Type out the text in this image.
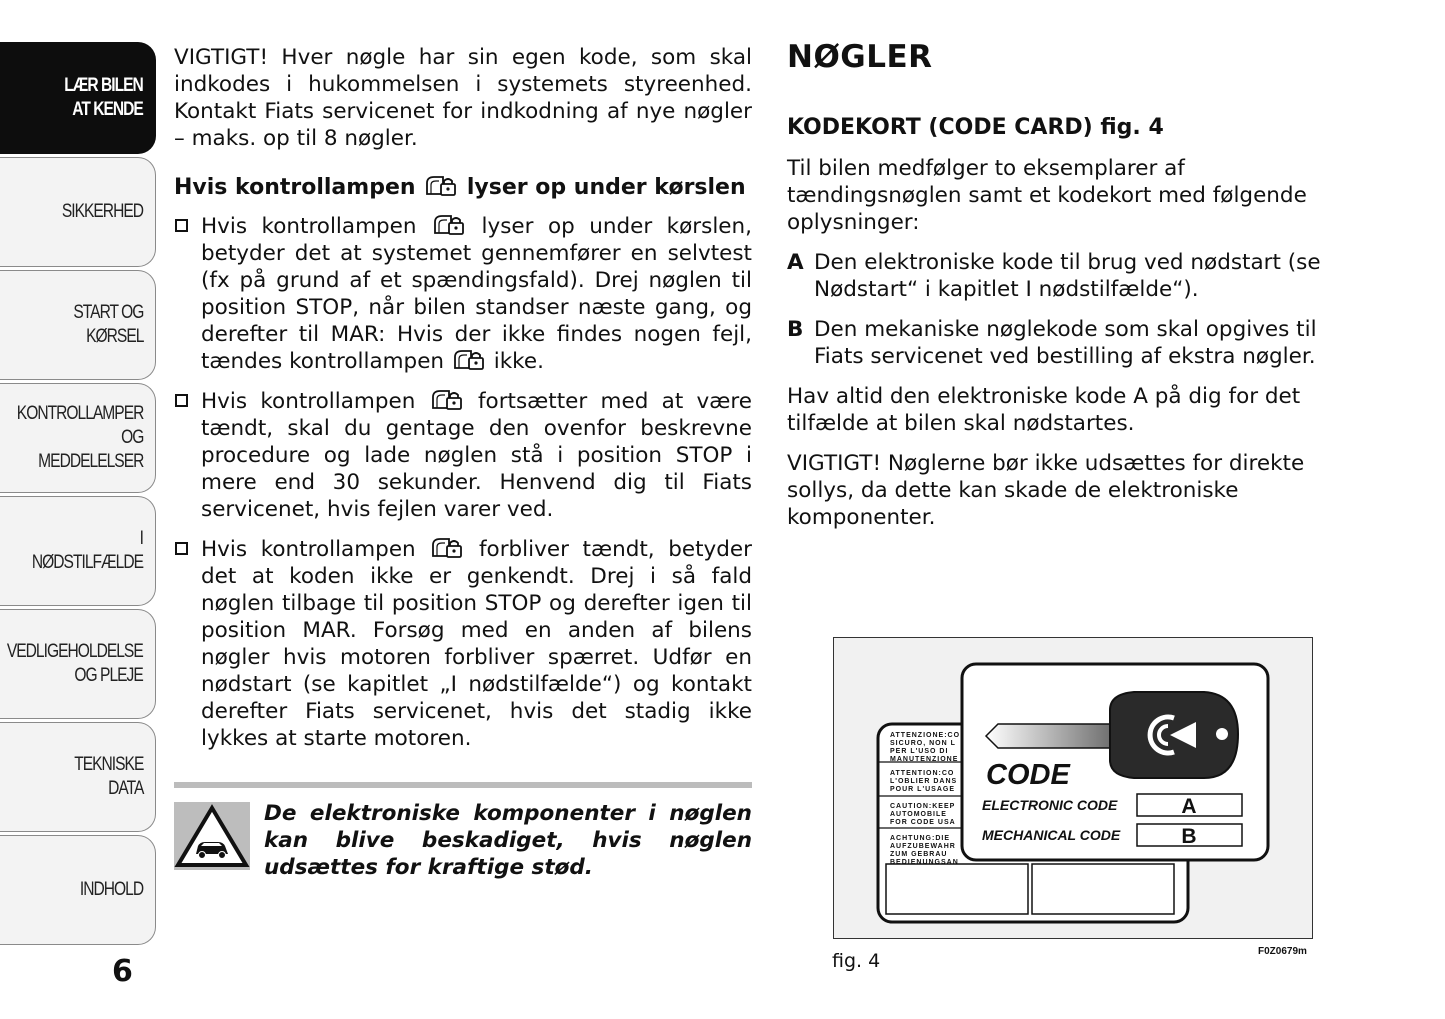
LÆR BILEN
AT KENDE
SIKKERHED
START OG
KØRSEL
KONTROLLAMPER
OG MEDDELELSER
I NØDSTILFÆLDE
VEDLIGEHOLDELSE
OG PLEJE
TEKNISKE
DATA
INDHOLD
6

VIGTIGT! Hver nøgle har sin egen kode, som skal indkodes i hukommelsen i systemets styreenhed. Kontakt Fiats servicenet for indkodning af nye nøgler – maks. op til 8 nøgler.

Hvis kontrollampen lyser op under kørslen
Hvis kontrollampen	lyser op under kørslen, betyder det at systemet gennemfører en selvtest (fx på grund af et spændingsfald). Drej nøglen til position STOP, når bilen standser næste gang, og derefter til MAR: Hvis der ikke findes nogen fejl, tændes kontrollampen ikke.
Hvis kontrollampen	fortsætter med at være tændt, skal du gentage den ovenfor beskrevne procedure og lade nøglen stå i position STOP i mere end 30 sekunder. Henvend dig til Fiats servicenet, hvis fejlen varer ved.
Hvis kontrollampen	forbliver tændt, betyder det at koden ikke er genkendt. Drej i så fald nøglen tilbage til position STOP og derefter igen til position MAR. Forsøg med en anden af bilens nøgler hvis motoren forbliver spærret. Udfør en nødstart (se kapitlet „I nødstilfælde“) og kontakt derefter Fiats servicenet, hvis det stadig ikke lykkes at starte motoren.
De elektroniske komponenter i nøglen kan blive beskadiget, hvis nøglen udsættes for kraftige stød.
NØGLER
KODEKORT (CODE CARD) fig. 4

Til bilen medfølger to eksemplarer af tændingsnøglen samt et kodekort med følgende oplysninger:

A Den elektroniske kode til brug ved nødstart (se Nødstart“ i kapitlet I nødstilfælde“).
B Den mekaniske nøglekode som skal opgives til Fiats servicenet ved bestilling af ekstra nøgler.

Hav altid den elektroniske kode A på dig for det tilfælde at bilen skal nødstartes.

VIGTIGT! Nøglerne bør ikke udsættes for direkte sollys, da dette kan skade de elektroniske komponenter.

ATTENZIONE:CO
SICURO, NON L
PER L'USO DI
MANUTENZIONE
ATTENTION:CO
L'OBLIER DANS
POUR L'USAGE
CAUTION:KEEP
AUTOMOBILE
FOR CODE USA
ACHTUNG:DIE
AUFZUBEWAHR
ZUM GEBRAU
BEDIENUNGSAN
CODE
ELECTRONIC CODE	A
MECHANICAL CODE	B
fig. 4	F0Z0679m
